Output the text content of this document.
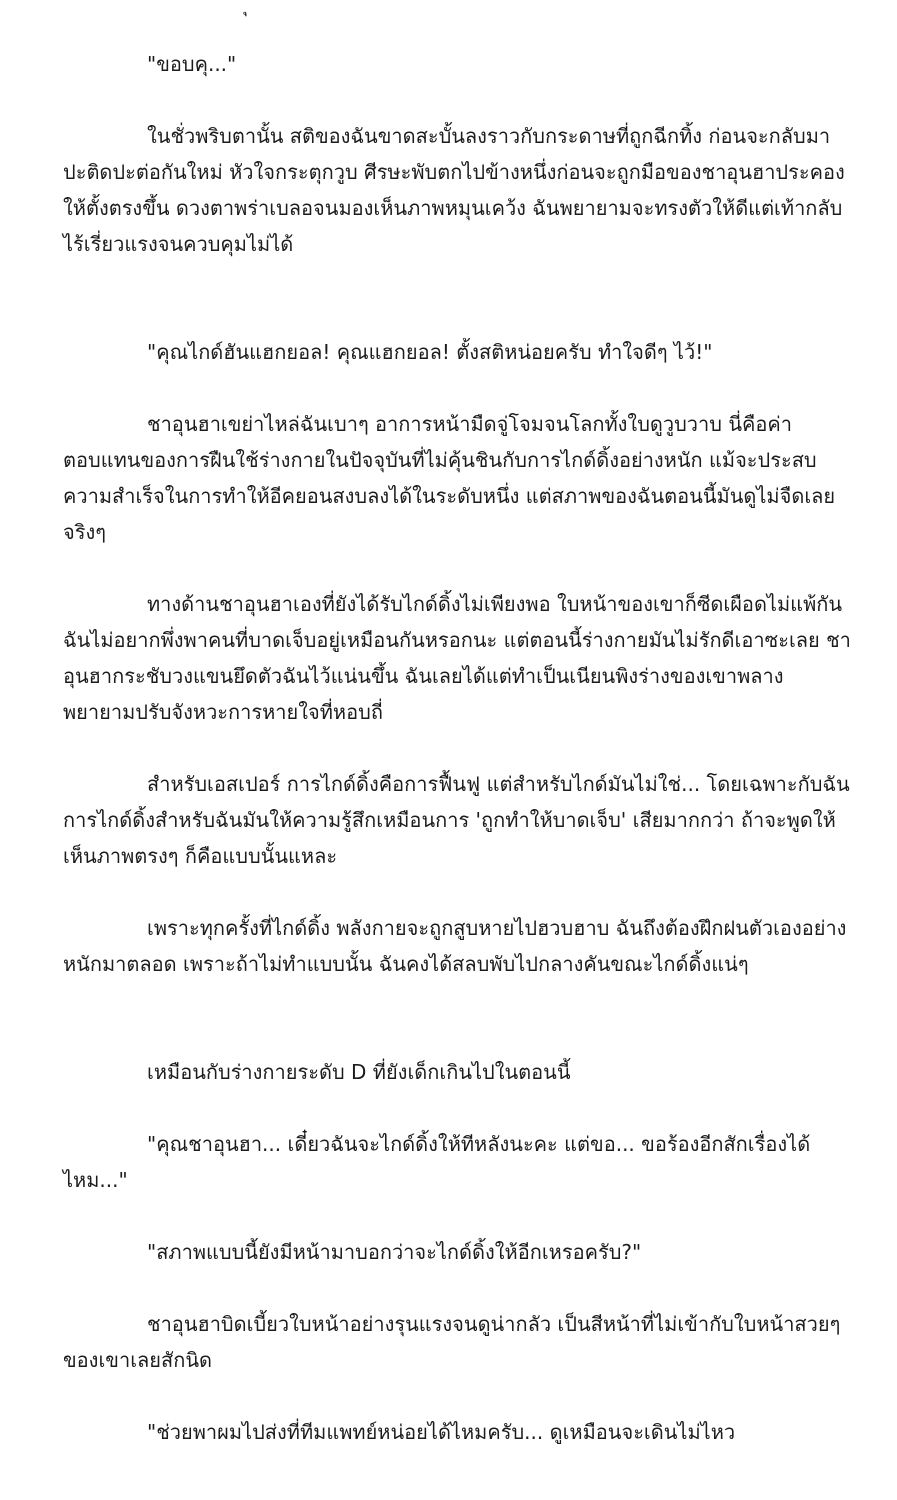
"ขอบคุ..."

ในชั่วพริบตานั้น สติของฉันขาดสะบั้นลงราวกับกระดาษที่ถูกฉีกทิ้ง ก่อนจะกลับมาปะติดปะต่อกันใหม่ หัวใจกระตุกวูบ ศีรษะพับตกไปข้างหนึ่งก่อนจะถูกมือของชาอุนฮาประคองให้ตั้งตรงขึ้น ดวงตาพร่าเบลอจนมองเห็นภาพหมุนเคว้ง ฉันพยายามจะทรงตัวให้ดีแต่เท้ากลับไร้เรี่ยวแรงจนควบคุมไม่ได้

"คุณไกด์ฮันแฮกยอล! คุณแฮกยอล! ตั้งสติหน่อยครับ ทำใจดีๆ ไว้!"

ชาอุนฮาเขย่าไหล่ฉันเบาๆ อาการหน้ามืดจู่โจมจนโลกทั้งใบดูวูบวาบ นี่คือค่าตอบแทนของการฝืนใช้ร่างกายในปัจจุบันที่ไม่คุ้นชินกับการไกด์ดิ้งอย่างหนัก แม้จะประสบความสำเร็จในการทำให้อีคยอนสงบลงได้ในระดับหนึ่ง แต่สภาพของฉันตอนนี้มันดูไม่จืดเลยจริงๆ

ทางด้านชาอุนฮาเองที่ยังได้รับไกด์ดิ้งไม่เพียงพอ ใบหน้าของเขาก็ซีดเผือดไม่แพ้กัน ฉันไม่อยากพึ่งพาคนที่บาดเจ็บอยู่เหมือนกันหรอกนะ แต่ตอนนี้ร่างกายมันไม่รักดีเอาซะเลย ชาอุนฮากระชับวงแขนยึดตัวฉันไว้แน่นขึ้น ฉันเลยได้แต่ทำเป็นเนียนพิงร่างของเขาพลางพยายามปรับจังหวะการหายใจที่หอบถี่

สำหรับเอสเปอร์ การไกด์ดิ้งคือการฟื้นฟู แต่สำหรับไกด์มันไม่ใช่... โดยเฉพาะกับฉัน การไกด์ดิ้งสำหรับฉันมันให้ความรู้สึกเหมือนการ 'ถูกทำให้บาดเจ็บ' เสียมากกว่า ถ้าจะพูดให้เห็นภาพตรงๆ ก็คือแบบนั้นแหละ

เพราะทุกครั้งที่ไกด์ดิ้ง พลังกายจะถูกสูบหายไปฮวบฮาบ ฉันถึงต้องฝึกฝนตัวเองอย่างหนักมาตลอด เพราะถ้าไม่ทำแบบนั้น ฉันคงได้สลบพับไปกลางคันขณะไกด์ดิ้งแน่ๆ

เหมือนกับร่างกายระดับ D ที่ยังเด็กเกินไปในตอนนี้

"คุณชาอุนฮา... เดี๋ยวฉันจะไกด์ดิ้งให้ทีหลังนะคะ แต่ขอ... ขอร้องอีกสักเรื่องได้ไหม..."

"สภาพแบบนี้ยังมีหน้ามาบอกว่าจะไกด์ดิ้งให้อีกเหรอครับ?"

ชาอุนฮาบิดเบี้ยวใบหน้าอย่างรุนแรงจนดูน่ากลัว เป็นสีหน้าที่ไม่เข้ากับใบหน้าสวยๆ ของเขาเลยสักนิด

"ช่วยพาผมไปส่งที่ทีมแพทย์หน่อยได้ไหมครับ... ดูเหมือนจะเดินไม่ไหว
